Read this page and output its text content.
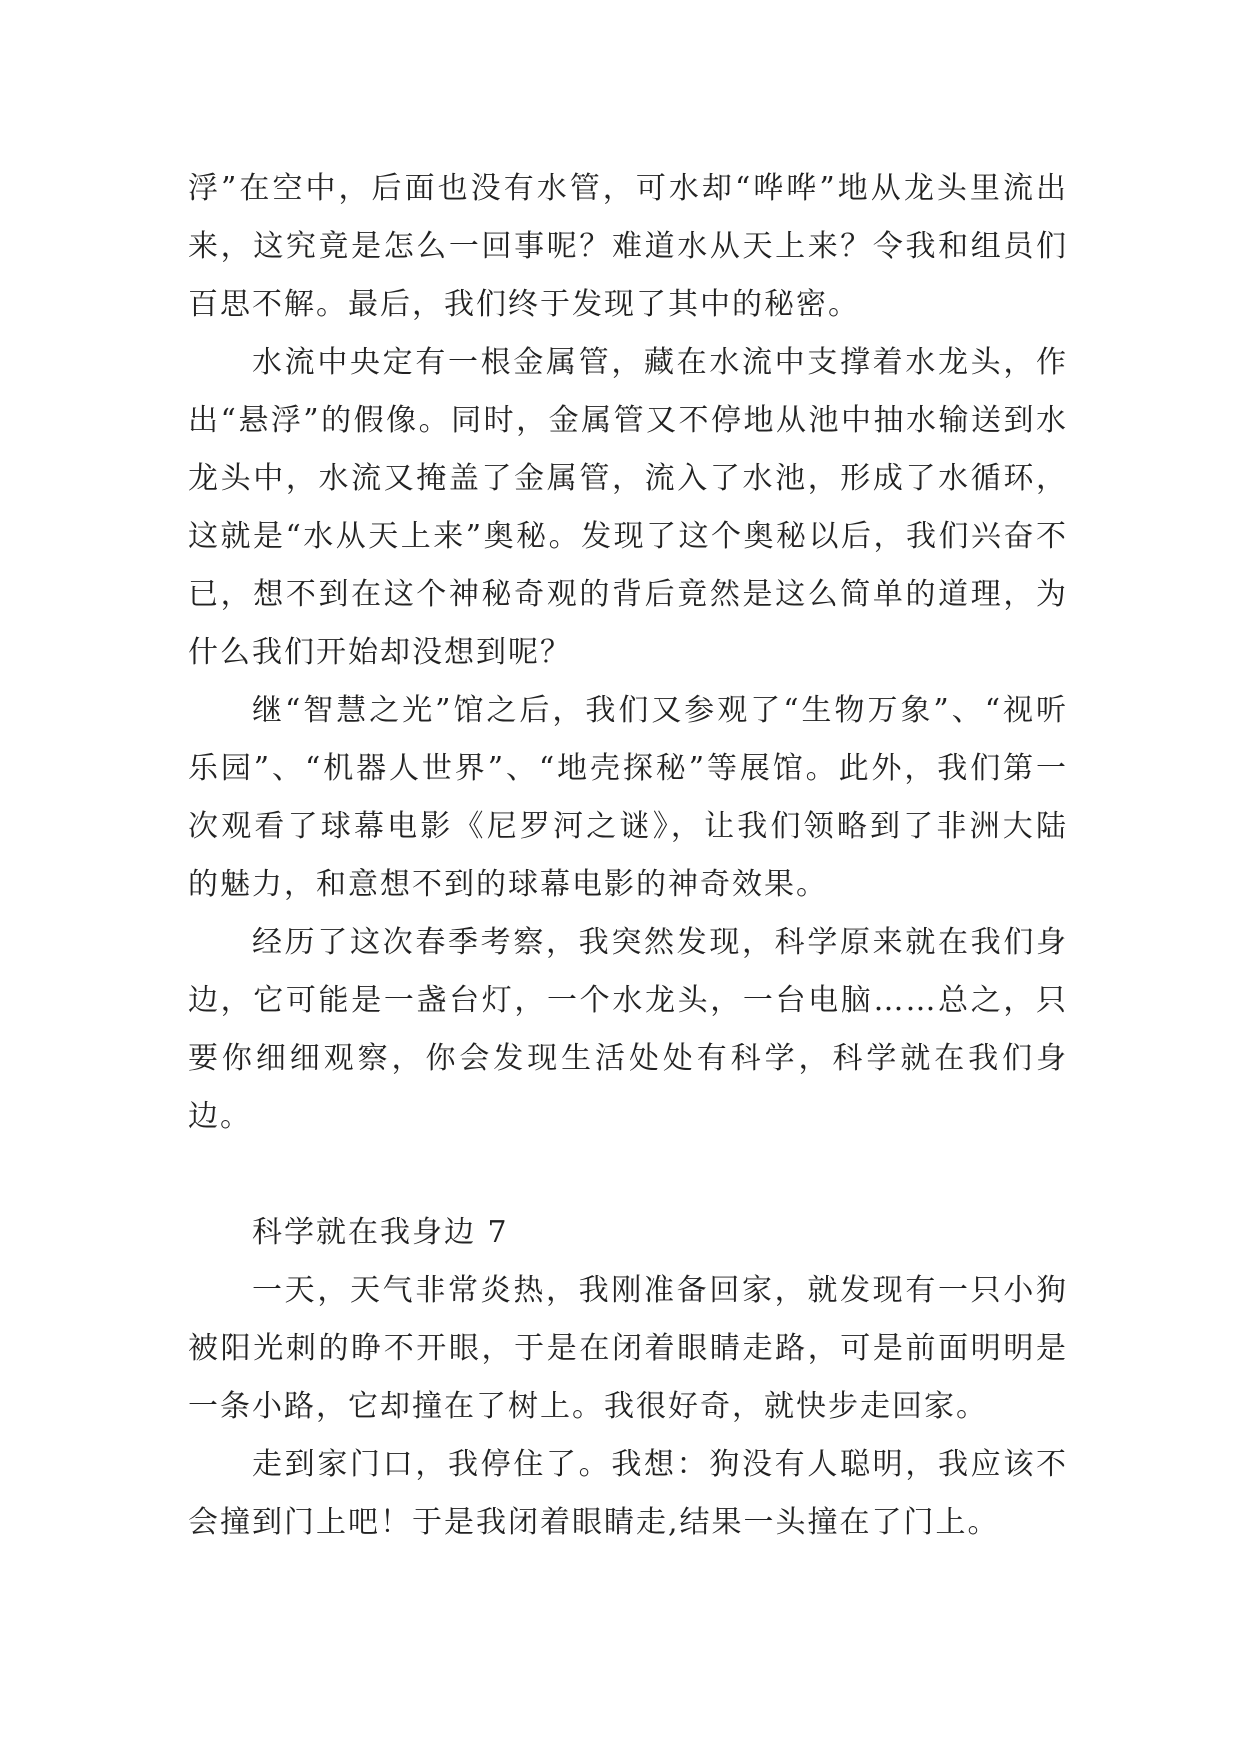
浮”在空中，后面也没有水管，可水却“哗哗”地从龙头里流出来，这究竟是怎么一回事呢？难道水从天上来？令我和组员们百思不解。最后，我们终于发现了其中的秘密。

水流中央定有一根金属管，藏在水流中支撑着水龙头，作出“悬浮”的假像。同时，金属管又不停地从池中抽水输送到水龙头中，水流又掩盖了金属管，流入了水池，形成了水循环，这就是“水从天上来”奥秘。发现了这个奥秘以后，我们兴奋不已，想不到在这个神秘奇观的背后竟然是这么简单的道理，为什么我们开始却没想到呢？

继“智慧之光”馆之后，我们又参观了“生物万象”、“视听乐园”、“机器人世界”、“地壳探秘”等展馆。此外，我们第一次观看了球幕电影《尼罗河之谜》，让我们领略到了非洲大陆的魅力，和意想不到的球幕电影的神奇效果。

经历了这次春季考察，我突然发现，科学原来就在我们身边，它可能是一盏台灯，一个水龙头，一台电脑……总之，只要你细细观察，你会发现生活处处有科学，科学就在我们身边。

科学就在我身边 7

一天，天气非常炎热，我刚准备回家，就发现有一只小狗被阳光刺的睁不开眼，于是在闭着眼睛走路，可是前面明明是一条小路，它却撞在了树上。我很好奇，就快步走回家。

走到家门口，我停住了。我想：狗没有人聪明，我应该不会撞到门上吧！于是我闭着眼睛走,结果一头撞在了门上。
